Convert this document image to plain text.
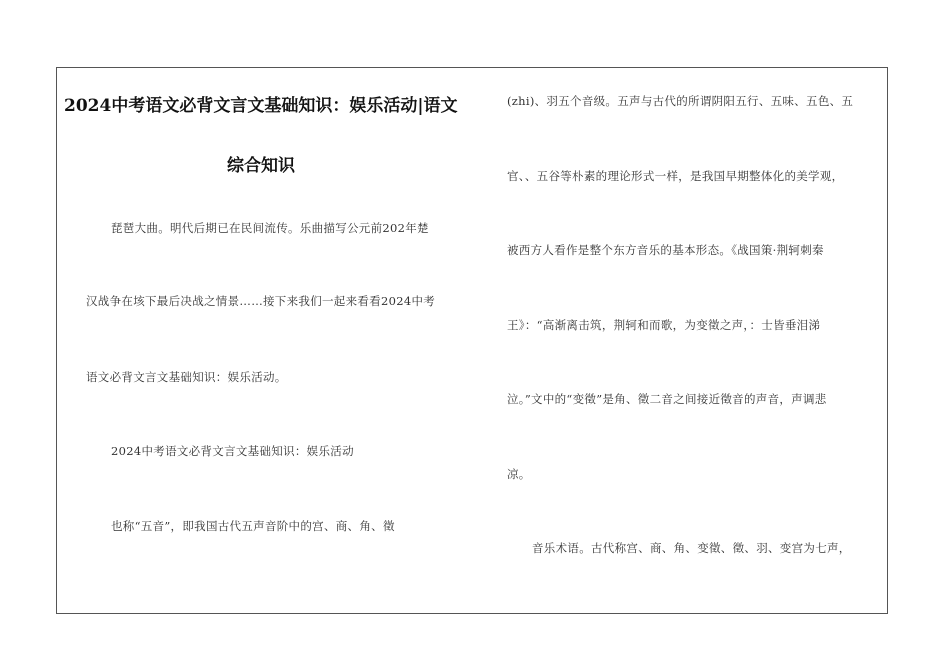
2024中考语文必背文言文基础知识：娱乐活动|语文
综合知识
琵琶大曲。明代后期已在民间流传。乐曲描写公元前202年楚
汉战争在垓下最后决战之情景……接下来我们一起来看看2024中考
语文必背文言文基础知识：娱乐活动。
2024中考语文必背文言文基础知识：娱乐活动
也称“五音”，即我国古代五声音阶中的宫、商、角、徵
(zhi)、羽五个音级。五声与古代的所谓阴阳五行、五味、五色、五
官、、五谷等朴素的理论形式一样，是我国早期整体化的美学观，
被西方人看作是整个东方音乐的基本形态。《战国策·荆轲刺秦
王》：“高渐离击筑，荆轲和而歌，为变徵之声，：士皆垂泪涕
泣。”文中的“变徵”是角、徵二音之间接近徵音的声音，声调悲
凉。
音乐术语。古代称宫、商、角、变徵、徵、羽、变宫为七声，
